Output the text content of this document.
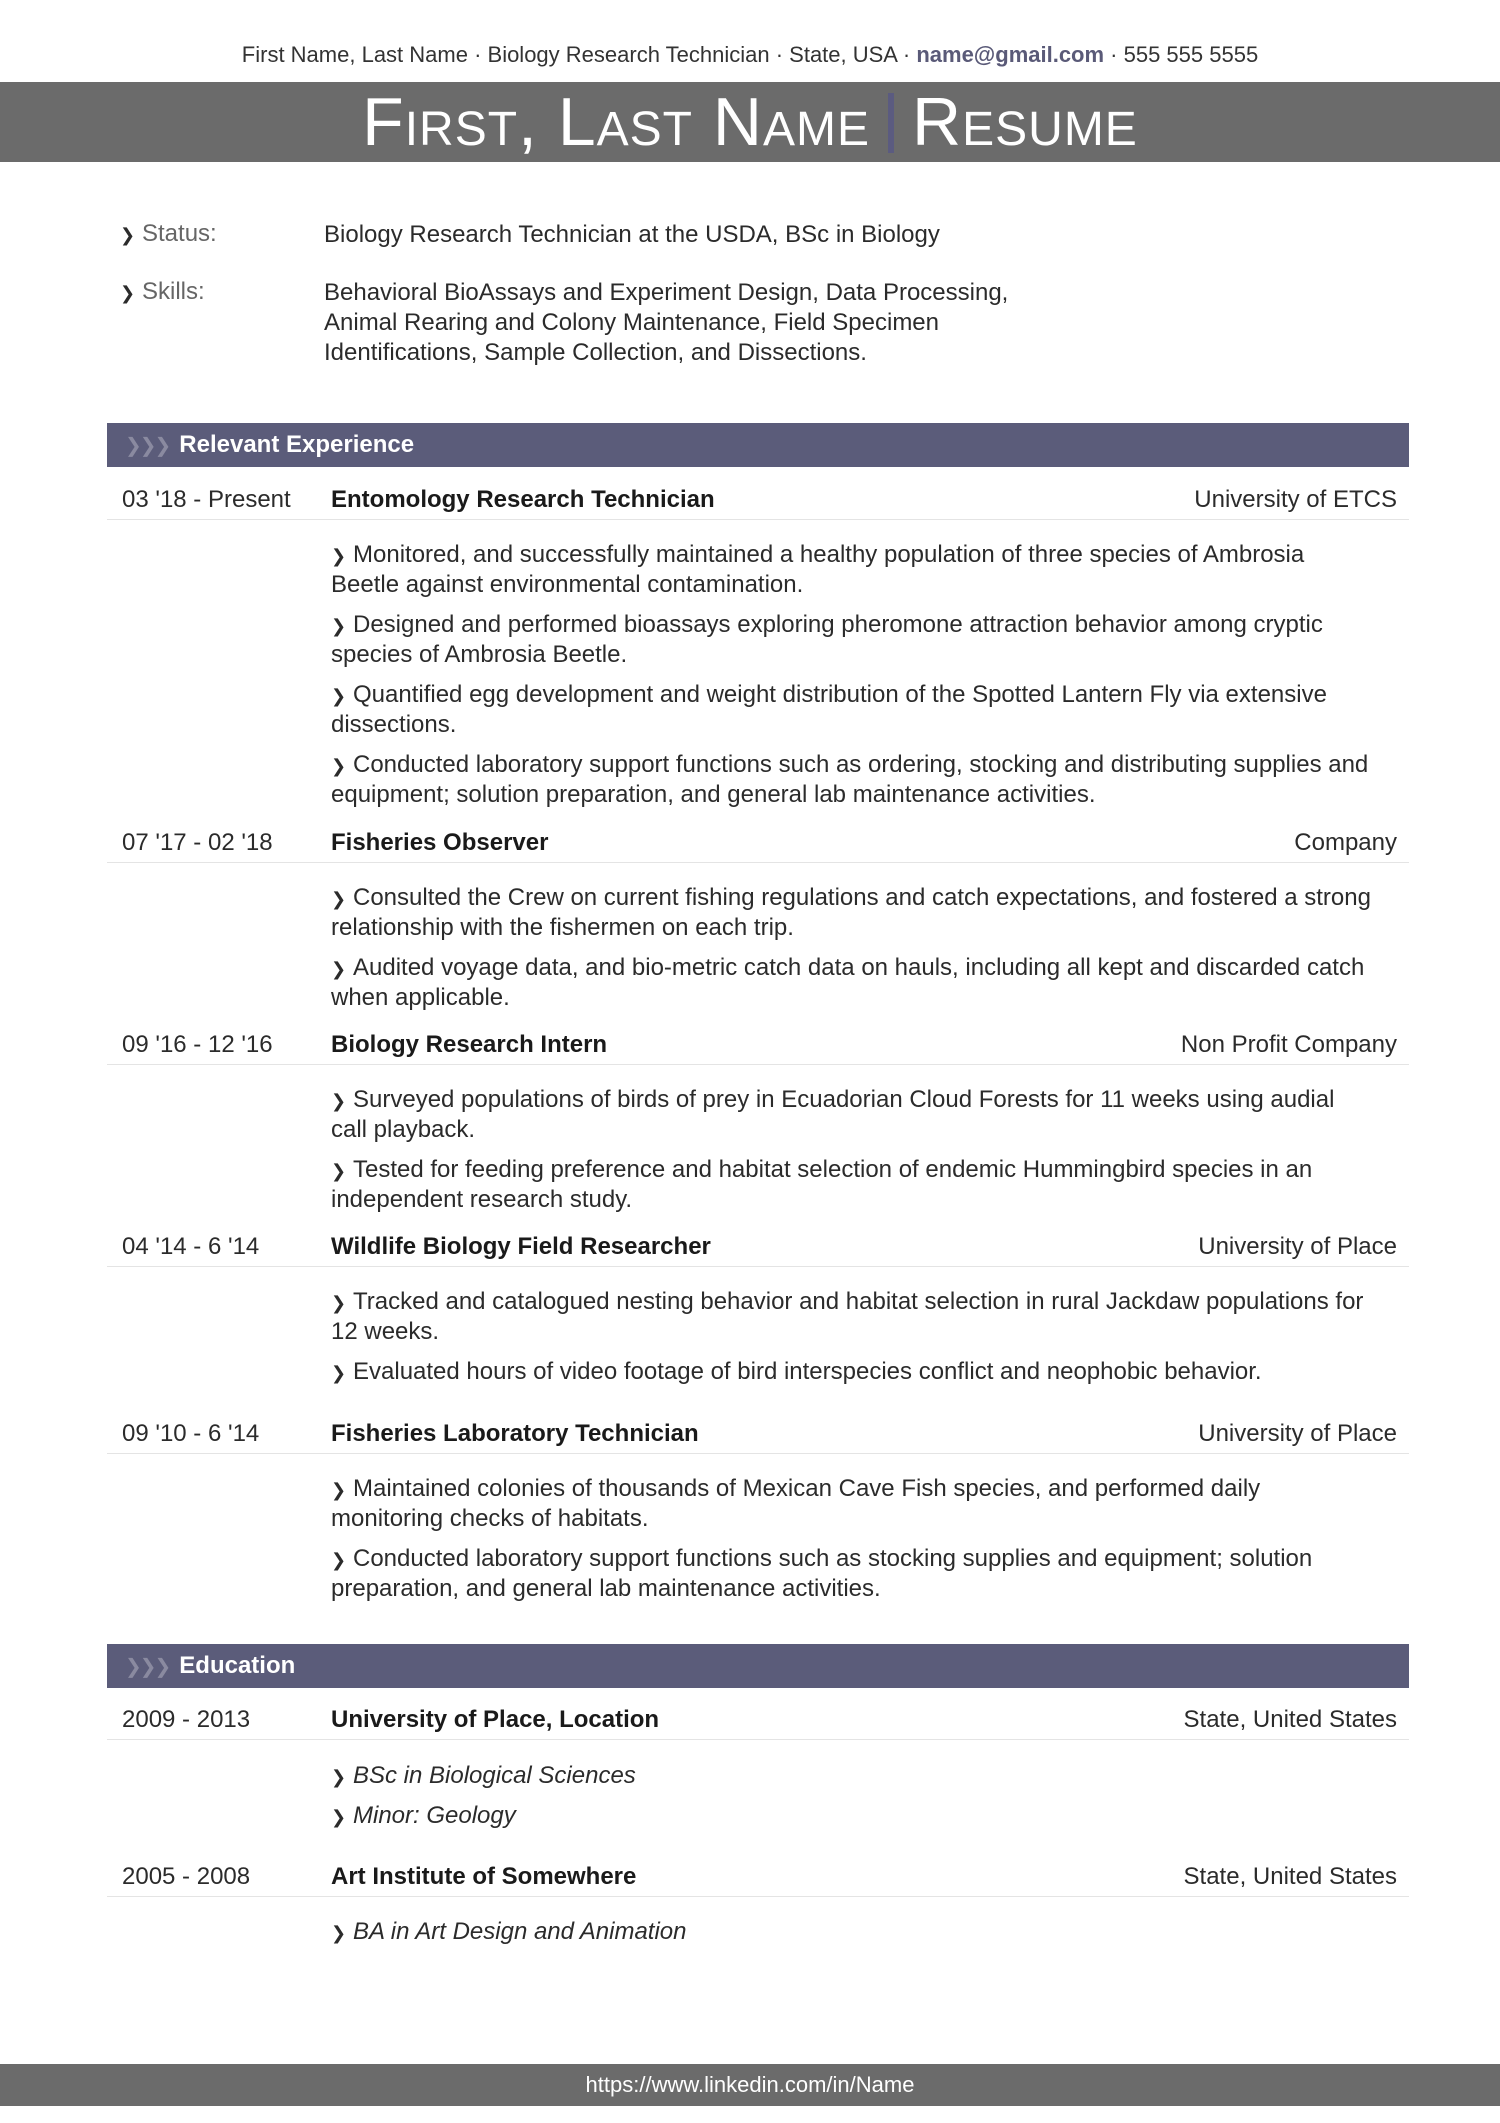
First Name, Last Name · Biology Research Technician · State, USA · name@gmail.com · 555 555 5555
First, Last Name Resume
❯ Status:	Biology Research Technician at the USDA, BSc in Biology
❯ Skills:	Behavioral BioAssays and Experiment Design, Data Processing, Animal Rearing and Colony Maintenance, Field Specimen Identifications, Sample Collection, and Dissections.
❯❯❯ Relevant Experience
03 '18 - Present Entomology Research Technician	University of ETCS
❯ Monitored, and successfully maintained a healthy population of three species of Ambrosia Beetle against environmental contamination.
❯ Designed and performed bioassays exploring pheromone attraction behavior among cryptic species of Ambrosia Beetle.
❯ Quantified egg development and weight distribution of the Spotted Lantern Fly via extensive dissections.
❯ Conducted laboratory support functions such as ordering, stocking and distributing supplies and equipment; solution preparation, and general lab maintenance activities.
07 '17 - 02 '18 Fisheries Observer	Company
❯ Consulted the Crew on current fishing regulations and catch expectations, and fostered a strong relationship with the fishermen on each trip.
❯ Audited voyage data, and bio-metric catch data on hauls, including all kept and discarded catch when applicable.
09 '16 - 12 '16 Biology Research Intern	Non Profit Company
❯ Surveyed populations of birds of prey in Ecuadorian Cloud Forests for 11 weeks using audial call playback.
❯ Tested for feeding preference and habitat selection of endemic Hummingbird species in an independent research study.
04 '14 - 6 '14	Wildlife Biology Field Researcher	University of Place
❯ Tracked and catalogued nesting behavior and habitat selection in rural Jackdaw populations for 12 weeks.
❯ Evaluated hours of video footage of bird interspecies conflict and neophobic behavior.
09 '10 - 6 '14	Fisheries Laboratory Technician	University of Place
❯ Maintained colonies of thousands of Mexican Cave Fish species, and performed daily monitoring checks of habitats.
❯ Conducted laboratory support functions such as stocking supplies and equipment; solution preparation, and general lab maintenance activities.
❯❯❯ Education
2009 - 2013	University of Place, Location	State, United States
❯ BSc in Biological Sciences
❯ Minor: Geology
2005 - 2008	Art Institute of Somewhere	State, United States
❯ BA in Art Design and Animation
https://www.linkedin.com/in/Name
